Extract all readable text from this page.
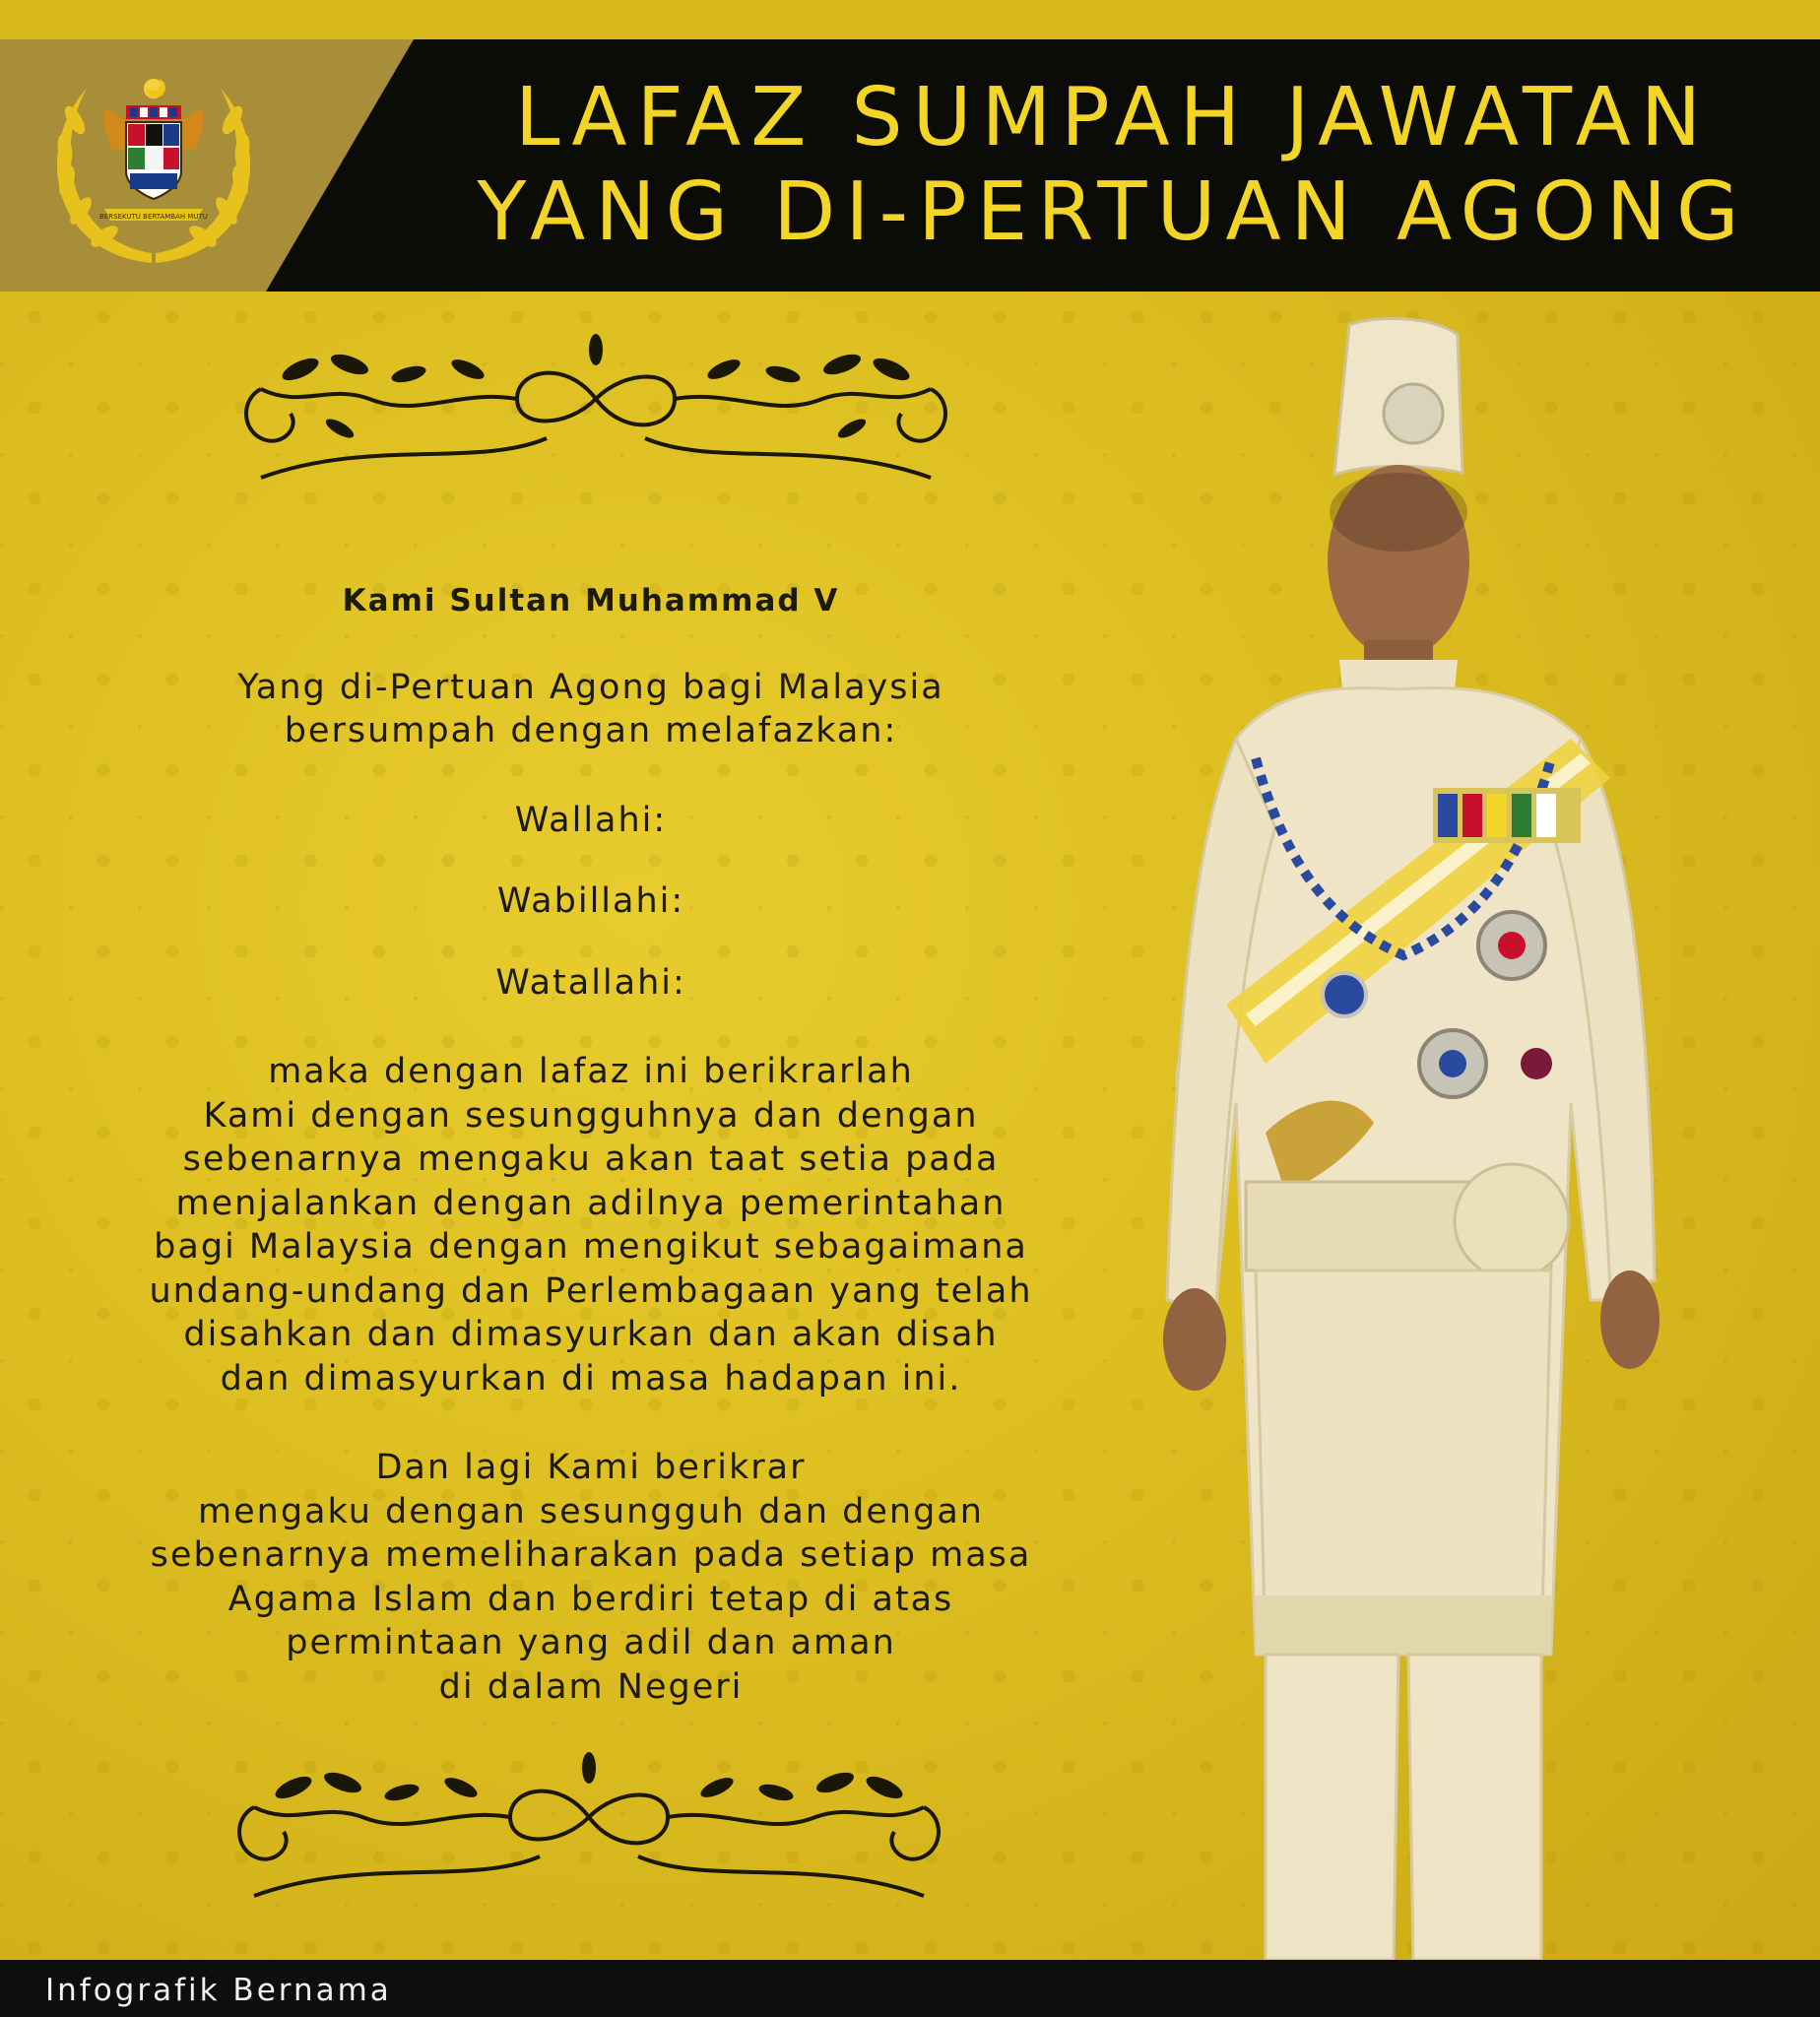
BERSEKUTU BERTAMBAH MUTU
LAFAZ SUMPAH JAWATAN
YANG DI-PERTUAN AGONG
Kami Sultan Muhammad V
Yang di-Pertuan Agong bagi Malaysia
bersumpah dengan melafazkan:
Wallahi:
Wabillahi:
Watallahi:
maka dengan lafaz ini berikrarlah
Kami dengan sesungguhnya dan dengan
sebenarnya mengaku akan taat setia pada
menjalankan dengan adilnya pemerintahan
bagi Malaysia dengan mengikut sebagaimana
undang-undang dan Perlembagaan yang telah
disahkan dan dimasyurkan dan akan disah
dan dimasyurkan di masa hadapan ini.
Dan lagi Kami berikrar
mengaku dengan sesungguh dan dengan
sebenarnya memeliharakan pada setiap masa
Agama Islam dan berdiri tetap di atas
permintaan yang adil dan aman
di dalam Negeri
Infografik Bernama
